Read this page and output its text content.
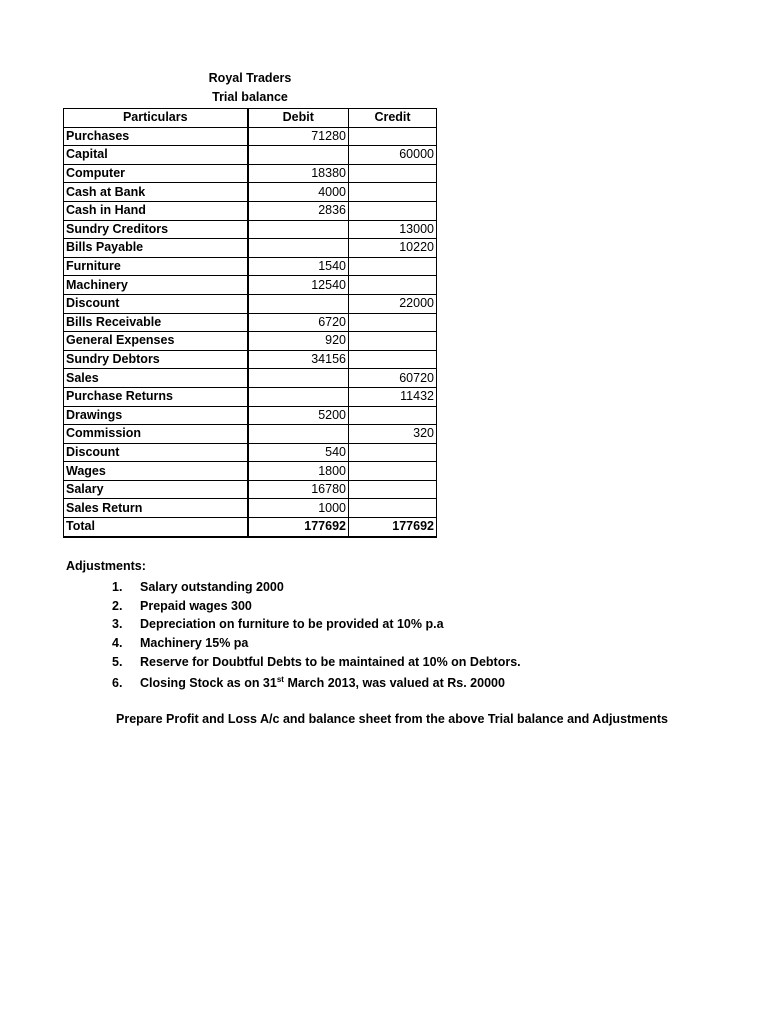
Royal Traders
Trial balance
Particulars	Debit	Credit
Purchases	71280	
Capital		60000
Computer	18380	
Cash at Bank	4000	
Cash in Hand	2836	
Sundry Creditors		13000
Bills Payable		10220
Furniture	1540	
Machinery	12540	
Discount		22000
Bills Receivable	6720	
General Expenses	920	
Sundry Debtors	34156	
Sales		60720
Purchase Returns		11432
Drawings	5200	
Commission		320
Discount	540	
Wages	1800	
Salary	16780	
Sales Return	1000	
Total	177692	177692
Adjustments:
1. Salary outstanding 2000
2. Prepaid wages 300
3. Depreciation on furniture to be provided at 10% p.a
4. Machinery 15% pa
5. Reserve for Doubtful Debts to be maintained at 10% on Debtors.
6. Closing Stock as on 31st March 2013, was valued at Rs. 20000
Prepare Profit and Loss A/c and balance sheet from the above Trial balance and Adjustments
